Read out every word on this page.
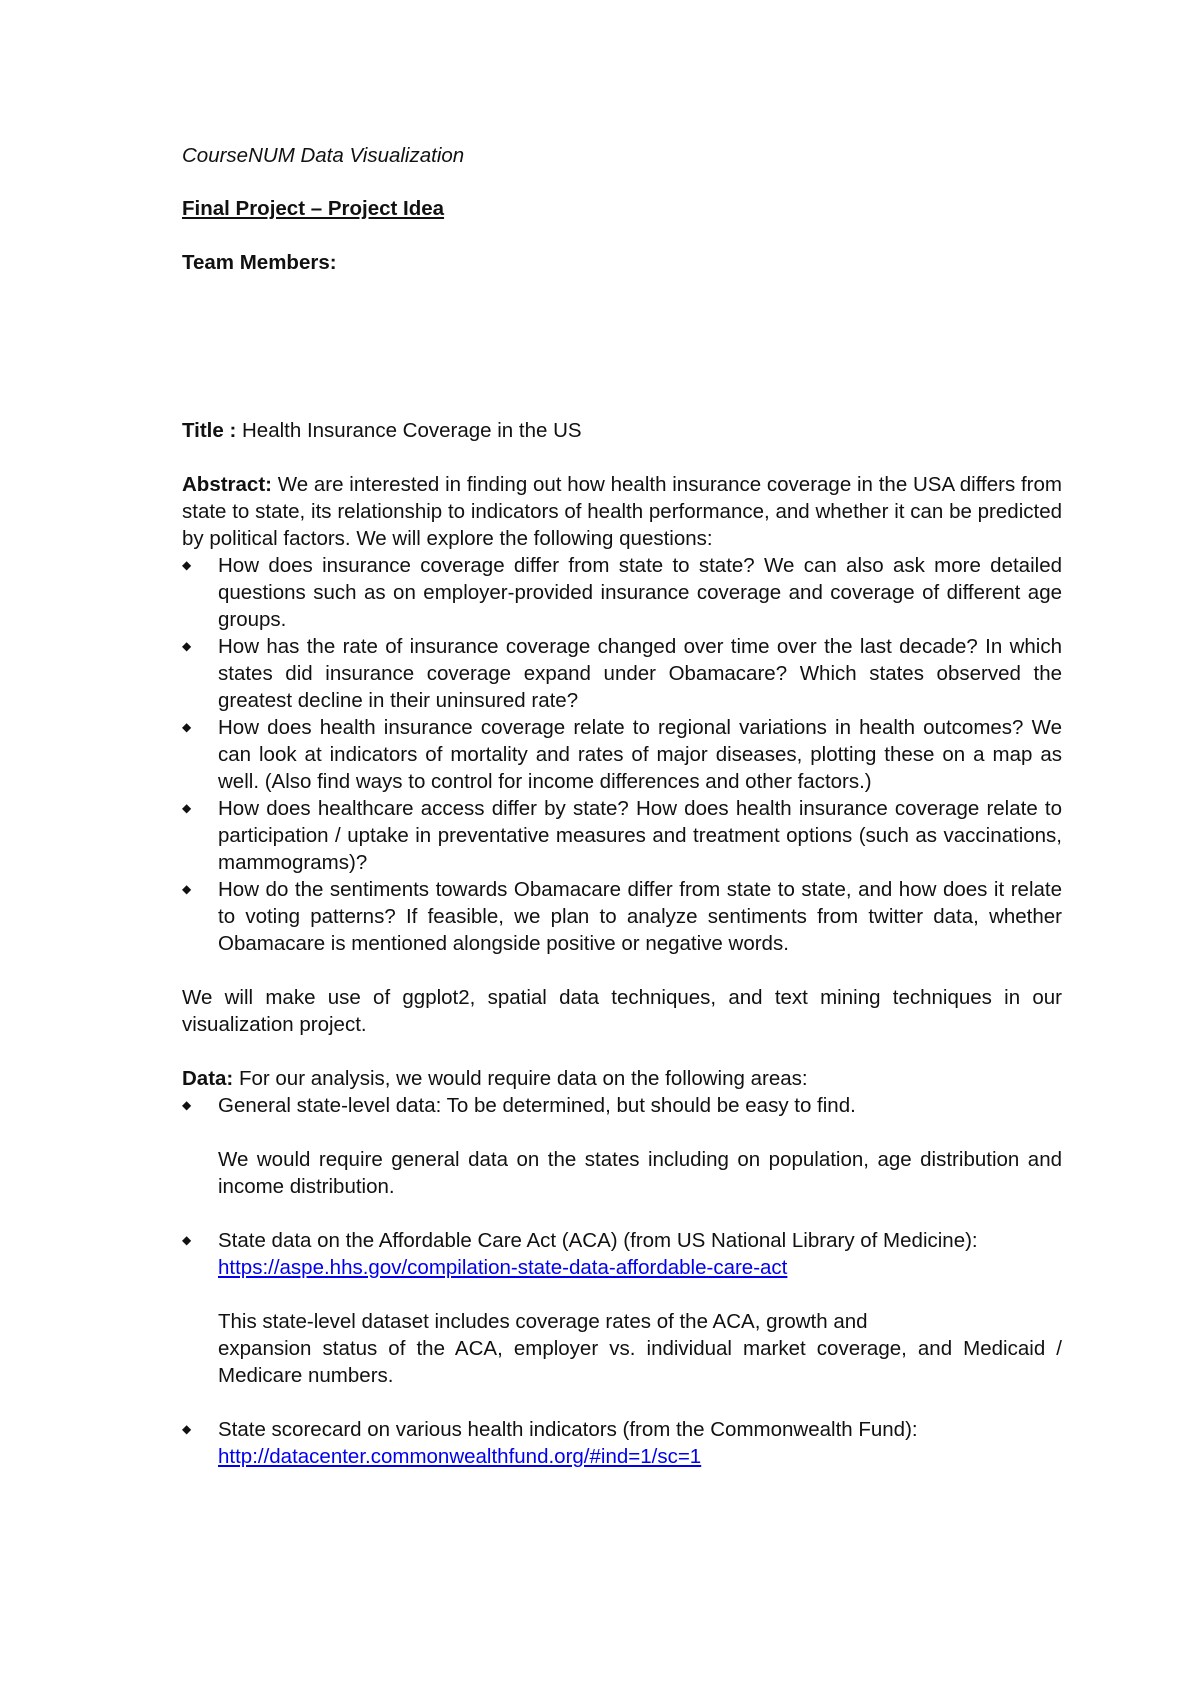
CourseNUM Data Visualization

Final Project – Project Idea

Team Members:

Title : Health Insurance Coverage in the US

Abstract: We are interested in finding out how health insurance coverage in the USA differs from state to state, its relationship to indicators of health performance, and whether it can be predicted by political factors. We will explore the following questions:

◆ How does insurance coverage differ from state to state? We can also ask more detailed questions such as on employer-provided insurance coverage and coverage of different age groups.
◆ How has the rate of insurance coverage changed over time over the last decade? In which states did insurance coverage expand under Obamacare? Which states observed the greatest decline in their uninsured rate?
◆ How does health insurance coverage relate to regional variations in health outcomes? We can look at indicators of mortality and rates of major diseases, plotting these on a map as well. (Also find ways to control for income differences and other factors.)
◆ How does healthcare access differ by state? How does health insurance coverage relate to participation / uptake in preventative measures and treatment options (such as vaccinations, mammograms)?
◆ How do the sentiments towards Obamacare differ from state to state, and how does it relate to voting patterns? If feasible, we plan to analyze sentiments from twitter data, whether Obamacare is mentioned alongside positive or negative words.

We will make use of ggplot2, spatial data techniques, and text mining techniques in our visualization project.

Data: For our analysis, we would require data on the following areas:

◆ General state-level data: To be determined, but should be easy to find.

We would require general data on the states including on population, age distribution and income distribution.

◆ State data on the Affordable Care Act (ACA) (from US National Library of Medicine):

https://aspe.hhs.gov/compilation-state-data-affordable-care-act

This state-level dataset includes coverage rates of the ACA, growth and

expansion status of the ACA, employer vs. individual market coverage, and Medicaid / Medicare numbers.

◆ State scorecard on various health indicators (from the Commonwealth Fund):

http://datacenter.commonwealthfund.org/#ind=1/sc=1
